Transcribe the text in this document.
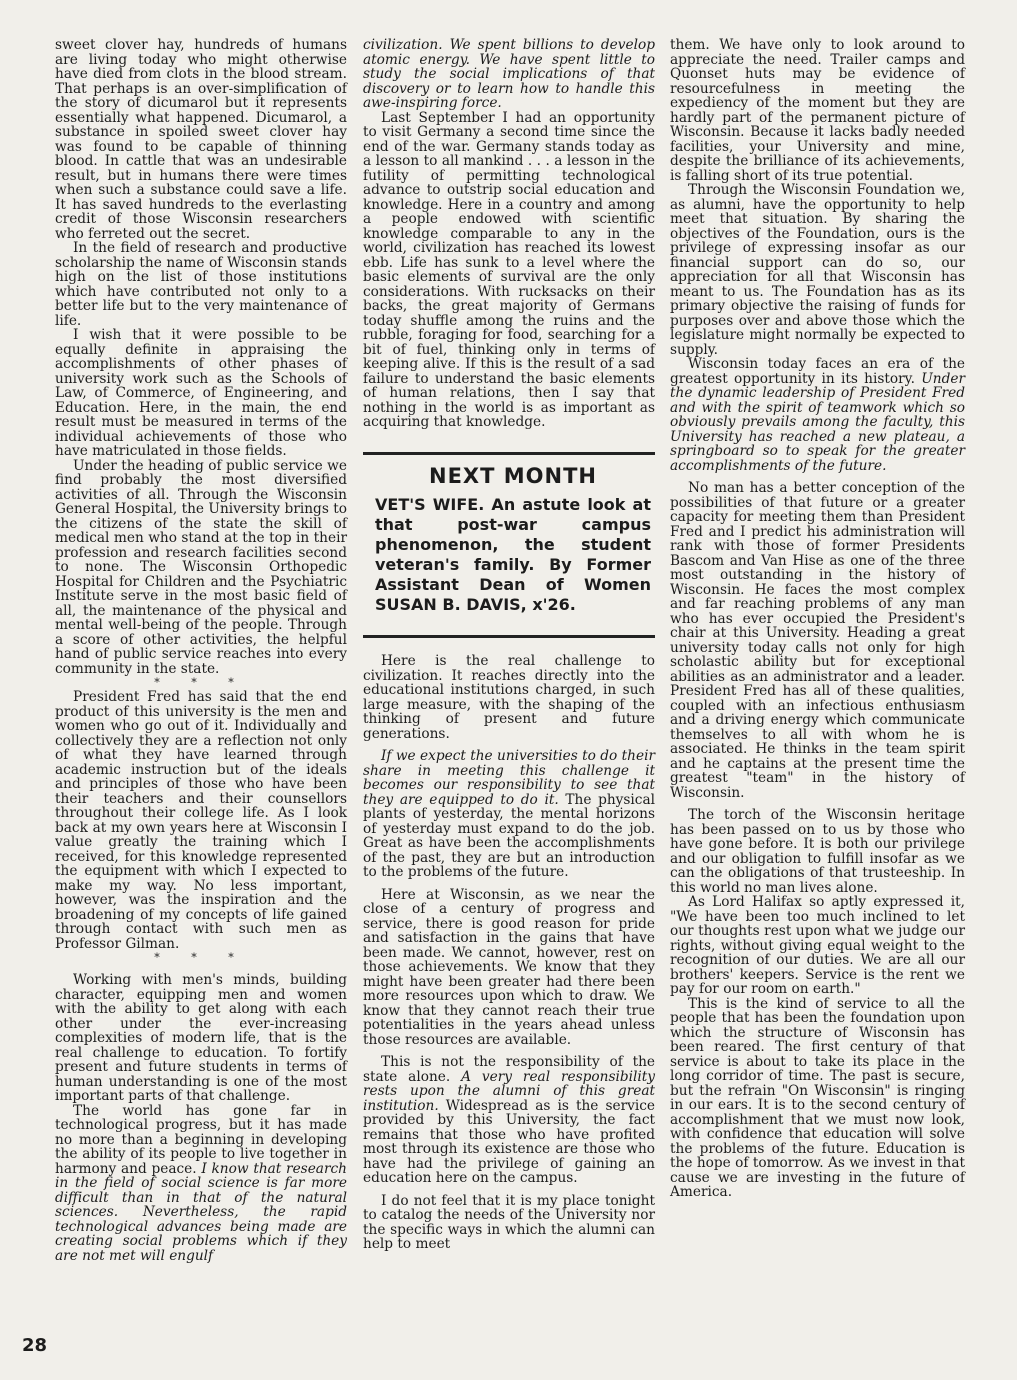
sweet clover hay, hundreds of humans are living today who might otherwise have died from clots in the blood stream. That perhaps is an over-simplification of the story of dicumarol but it represents essentially what happened. Dicumarol, a substance in spoiled sweet clover hay was found to be capable of thinning blood. In cattle that was an undesirable result, but in humans there were times when such a substance could save a life. It has saved hundreds to the everlasting credit of those Wisconsin researchers who ferreted out the secret.

In the field of research and productive scholarship the name of Wisconsin stands high on the list of those institutions which have contributed not only to a better life but to the very maintenance of life.

I wish that it were possible to be equally definite in appraising the accomplishments of other phases of university work such as the Schools of Law, of Commerce, of Engineering, and Education. Here, in the main, the end result must be measured in terms of the individual achievements of those who have matriculated in those fields.

Under the heading of public service we find probably the most diversified activities of all. Through the Wisconsin General Hospital, the University brings to the citizens of the state the skill of medical men who stand at the top in their profession and research facilities second to none. The Wisconsin Orthopedic Hospital for Children and the Psychiatric Institute serve in the most basic field of all, the maintenance of the physical and mental well-being of the people. Through a score of other activities, the helpful hand of public service reaches into every community in the state.

* * *

President Fred has said that the end product of this university is the men and women who go out of it. Individually and collectively they are a reflection not only of what they have learned through academic instruction but of the ideals and principles of those who have been their teachers and their counsellors throughout their college life. As I look back at my own years here at Wisconsin I value greatly the training which I received, for this knowledge represented the equipment with which I expected to make my way. No less important, however, was the inspiration and the broadening of my concepts of life gained through contact with such men as Professor Gilman.

* * *

Working with men's minds, building character, equipping men and women with the ability to get along with each other under the ever-increasing complexities of modern life, that is the real challenge to education. To fortify present and future students in terms of human understanding is one of the most important parts of that challenge.

The world has gone far in technological progress, but it has made no more than a beginning in developing the ability of its people to live together in harmony and peace. I know that research in the field of social science is far more difficult than in that of the natural sciences. Nevertheless, the rapid technological advances being made are creating social problems which if they are not met will engulf

civilization. We spent billions to develop atomic energy. We have spent little to study the social implications of that discovery or to learn how to handle this awe-inspiring force.

Last September I had an opportunity to visit Germany a second time since the end of the war. Germany stands today as a lesson to all mankind . . . a lesson in the futility of permitting technological advance to outstrip social education and knowledge. Here in a country and among a people endowed with scientific knowledge comparable to any in the world, civilization has reached its lowest ebb. Life has sunk to a level where the basic elements of survival are the only considerations. With rucksacks on their backs, the great majority of Germans today shuffle among the ruins and the rubble, foraging for food, searching for a bit of fuel, thinking only in terms of keeping alive. If this is the result of a sad failure to understand the basic elements of human relations, then I say that nothing in the world is as important as acquiring that knowledge.

NEXT MONTH
VET'S WIFE. An astute look at that post-war campus phenomenon, the student veteran's family. By Former Assistant Dean of Women SUSAN B. DAVIS, x'26.

Here is the real challenge to civilization. It reaches directly into the educational institutions charged, in such large measure, with the shaping of the thinking of present and future generations.

If we expect the universities to do their share in meeting this challenge it becomes our responsibility to see that they are equipped to do it. The physical plants of yesterday, the mental horizons of yesterday must expand to do the job. Great as have been the accomplishments of the past, they are but an introduction to the problems of the future.

Here at Wisconsin, as we near the close of a century of progress and service, there is good reason for pride and satisfaction in the gains that have been made. We cannot, however, rest on those achievements. We know that they might have been greater had there been more resources upon which to draw. We know that they cannot reach their true potentialities in the years ahead unless those resources are available.

This is not the responsibility of the state alone. A very real responsibility rests upon the alumni of this great institution. Widespread as is the service provided by this University, the fact remains that those who have profited most through its existence are those who have had the privilege of gaining an education here on the campus.

I do not feel that it is my place tonight to catalog the needs of the University nor the specific ways in which the alumni can help to meet

them. We have only to look around to appreciate the need. Trailer camps and Quonset huts may be evidence of resourcefulness in meeting the expediency of the moment but they are hardly part of the permanent picture of Wisconsin. Because it lacks badly needed facilities, your University and mine, despite the brilliance of its achievements, is falling short of its true potential.

Through the Wisconsin Foundation we, as alumni, have the opportunity to help meet that situation. By sharing the objectives of the Foundation, ours is the privilege of expressing insofar as our financial support can do so, our appreciation for all that Wisconsin has meant to us. The Foundation has as its primary objective the raising of funds for purposes over and above those which the legislature might normally be expected to supply.

Wisconsin today faces an era of the greatest opportunity in its history. Under the dynamic leadership of President Fred and with the spirit of teamwork which so obviously prevails among the faculty, this University has reached a new plateau, a springboard so to speak for the greater accomplishments of the future.

No man has a better conception of the possibilities of that future or a greater capacity for meeting them than President Fred and I predict his administration will rank with those of former Presidents Bascom and Van Hise as one of the three most outstanding in the history of Wisconsin. He faces the most complex and far reaching problems of any man who has ever occupied the President's chair at this University. Heading a great university today calls not only for high scholastic ability but for exceptional abilities as an administrator and a leader. President Fred has all of these qualities, coupled with an infectious enthusiasm and a driving energy which communicate themselves to all with whom he is associated. He thinks in the team spirit and he captains at the present time the greatest "team" in the history of Wisconsin.

The torch of the Wisconsin heritage has been passed on to us by those who have gone before. It is both our privilege and our obligation to fulfill insofar as we can the obligations of that trusteeship. In this world no man lives alone.

As Lord Halifax so aptly expressed it, "We have been too much inclined to let our thoughts rest upon what we judge our rights, without giving equal weight to the recognition of our duties. We are all our brothers' keepers. Service is the rent we pay for our room on earth."

This is the kind of service to all the people that has been the foundation upon which the structure of Wisconsin has been reared. The first century of that service is about to take its place in the long corridor of time. The past is secure, but the refrain "On Wisconsin" is ringing in our ears. It is to the second century of accomplishment that we must now look, with confidence that education will solve the problems of the future. Education is the hope of tomorrow. As we invest in that cause we are investing in the future of America.

28
